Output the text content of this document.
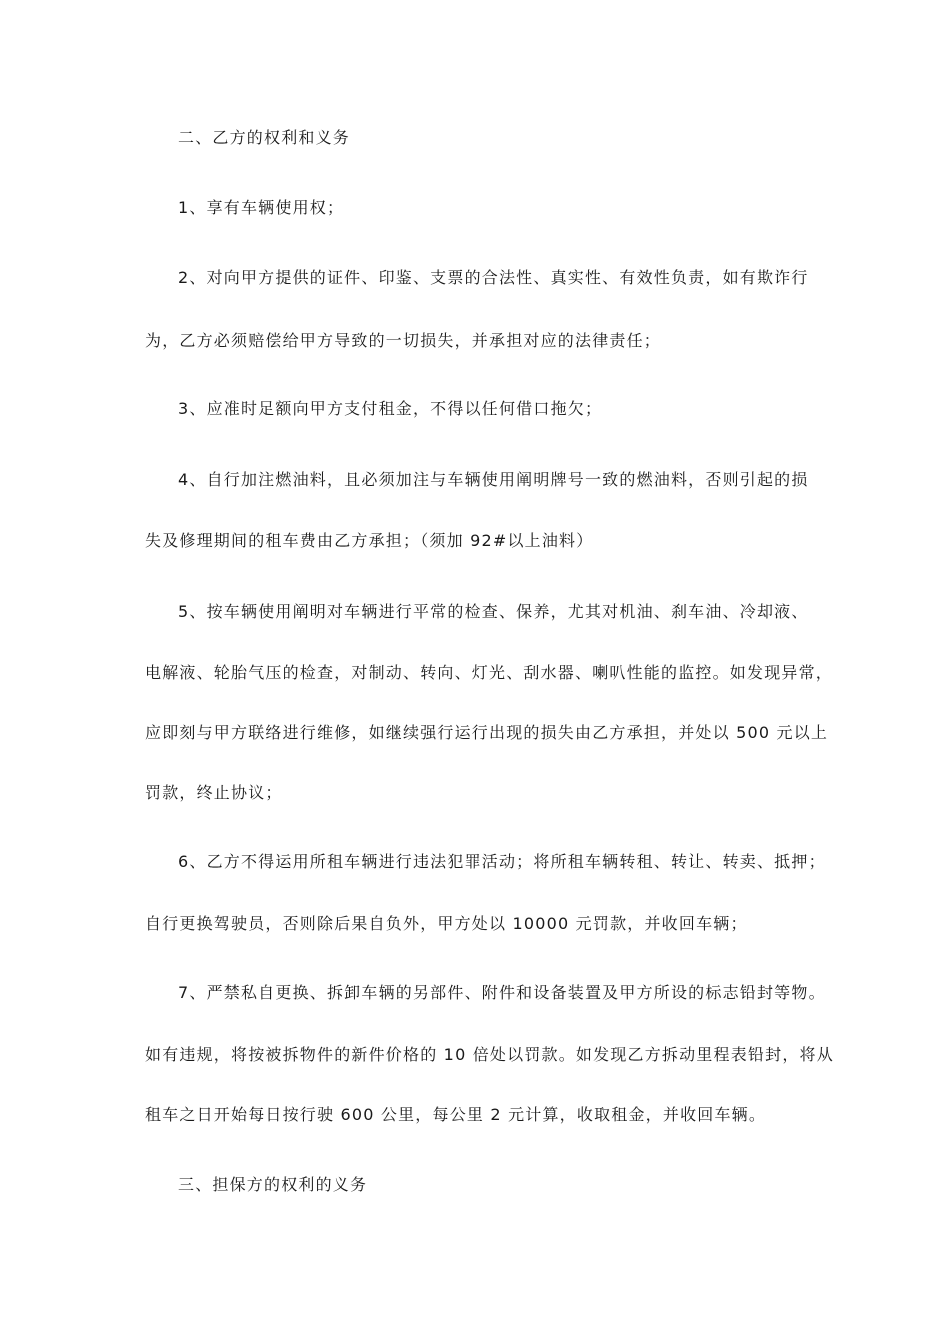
二、乙方的权利和义务
1、享有车辆使用权；
2、对向甲方提供的证件、印鉴、支票的合法性、真实性、有效性负责，如有欺诈行
为，乙方必须赔偿给甲方导致的一切损失，并承担对应的法律责任；
3、应准时足额向甲方支付租金，不得以任何借口拖欠；
4、自行加注燃油料，且必须加注与车辆使用阐明牌号一致的燃油料，否则引起的损
失及修理期间的租车费由乙方承担；（须加 92#以上油料）
5、按车辆使用阐明对车辆进行平常的检查、保养，尤其对机油、刹车油、冷却液、
电解液、轮胎气压的检查，对制动、转向、灯光、刮水器、喇叭性能的监控。如发现异常，
应即刻与甲方联络进行维修，如继续强行运行出现的损失由乙方承担，并处以 500 元以上
罚款，终止协议；
6、乙方不得运用所租车辆进行违法犯罪活动；将所租车辆转租、转让、转卖、抵押；
自行更换驾驶员，否则除后果自负外，甲方处以 10000 元罚款，并收回车辆；
7、严禁私自更换、拆卸车辆的另部件、附件和设备装置及甲方所设的标志铅封等物。
如有违规，将按被拆物件的新件价格的 10 倍处以罚款。如发现乙方拆动里程表铅封，将从
租车之日开始每日按行驶 600 公里，每公里 2 元计算，收取租金，并收回车辆。
三、担保方的权利的义务
